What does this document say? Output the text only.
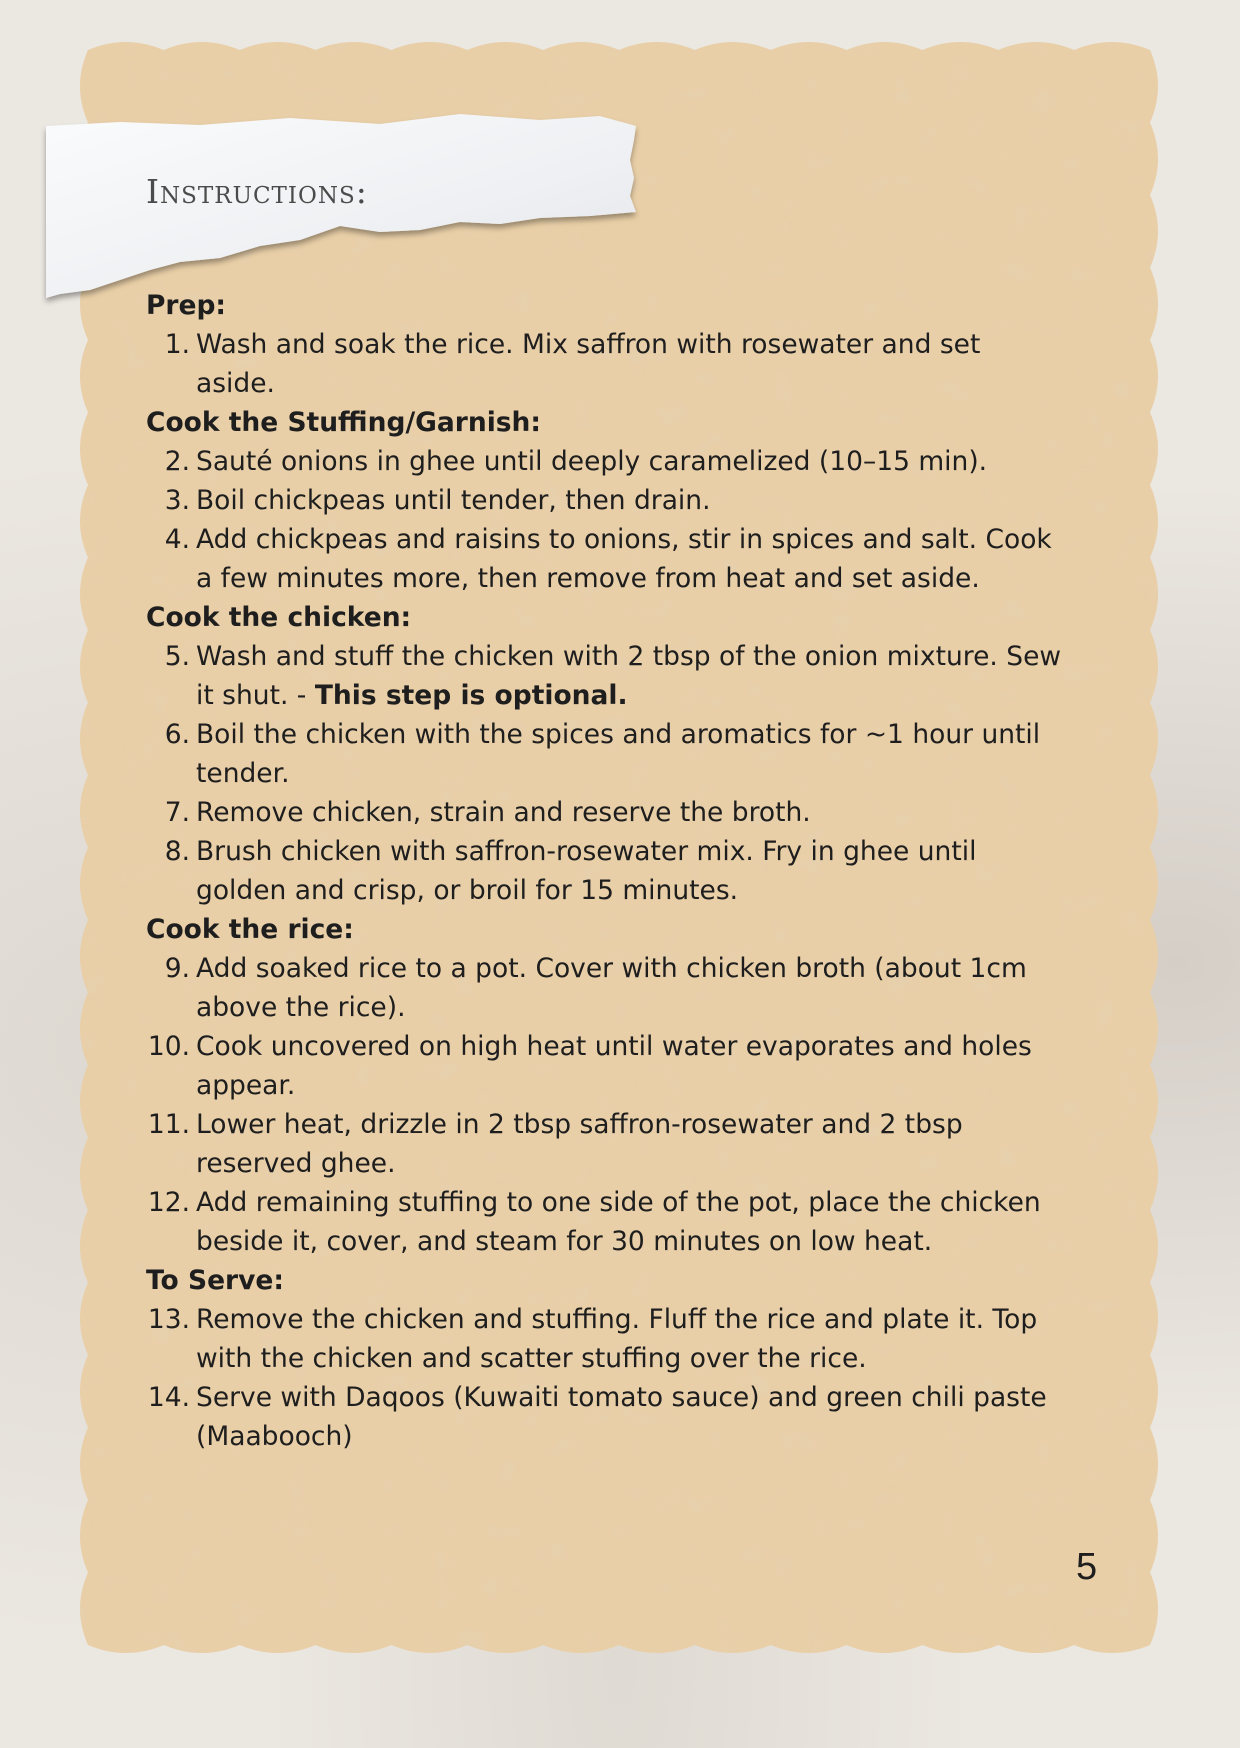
Instructions:

Prep:

1. Wash and soak the rice. Mix saffron with rosewater and set aside.

Cook the Stuffing/Garnish:

2. Sauté onions in ghee until deeply caramelized (10–15 min).

3. Boil chickpeas until tender, then drain.

4. Add chickpeas and raisins to onions, stir in spices and salt. Cook a few minutes more, then remove from heat and set aside.

Cook the chicken:

5. Wash and stuff the chicken with 2 tbsp of the onion mixture. Sew it shut. - This step is optional.

6. Boil the chicken with the spices and aromatics for ~1 hour until tender.

7. Remove chicken, strain and reserve the broth.

8. Brush chicken with saffron-rosewater mix. Fry in ghee until golden and crisp, or broil for 15 minutes.

Cook the rice:

9. Add soaked rice to a pot. Cover with chicken broth (about 1cm above the rice).

10. Cook uncovered on high heat until water evaporates and holes appear.

11. Lower heat, drizzle in 2 tbsp saffron-rosewater and 2 tbsp reserved ghee.

12. Add remaining stuffing to one side of the pot, place the chicken beside it, cover, and steam for 30 minutes on low heat.

To Serve:

13. Remove the chicken and stuffing. Fluff the rice and plate it. Top with the chicken and scatter stuffing over the rice.

14. Serve with Daqoos (Kuwaiti tomato sauce) and green chili paste (Maabooch)

5
